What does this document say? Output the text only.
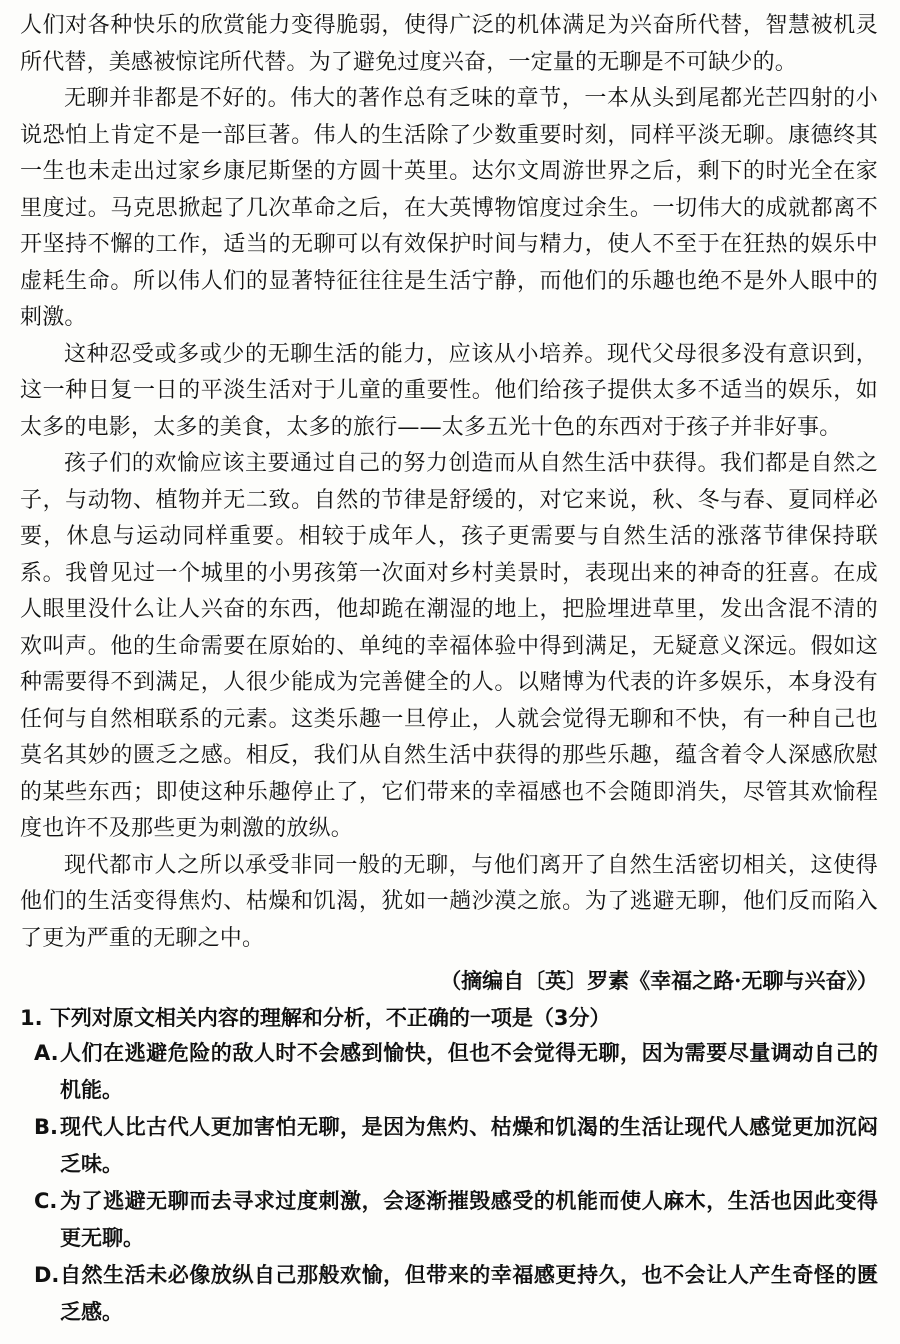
人们对各种快乐的欣赏能力变得脆弱，使得广泛的机体满足为兴奋所代替，智慧被机灵所代替，美感被惊诧所代替。为了避免过度兴奋，一定量的无聊是不可缺少的。

无聊并非都是不好的。伟大的著作总有乏味的章节，一本从头到尾都光芒四射的小说恐怕上肯定不是一部巨著。伟人的生活除了少数重要时刻，同样平淡无聊。康德终其一生也未走出过家乡康尼斯堡的方圆十英里。达尔文周游世界之后，剩下的时光全在家里度过。马克思掀起了几次革命之后，在大英博物馆度过余生。一切伟大的成就都离不开坚持不懈的工作，适当的无聊可以有效保护时间与精力，使人不至于在狂热的娱乐中虚耗生命。所以伟人们的显著特征往往是生活宁静，而他们的乐趣也绝不是外人眼中的刺激。

这种忍受或多或少的无聊生活的能力，应该从小培养。现代父母很多没有意识到，这一种日复一日的平淡生活对于儿童的重要性。他们给孩子提供太多不适当的娱乐，如太多的电影，太多的美食，太多的旅行——太多五光十色的东西对于孩子并非好事。

孩子们的欢愉应该主要通过自己的努力创造而从自然生活中获得。我们都是自然之子，与动物、植物并无二致。自然的节律是舒缓的，对它来说，秋、冬与春、夏同样必要，休息与运动同样重要。相较于成年人，孩子更需要与自然生活的涨落节律保持联系。我曾见过一个城里的小男孩第一次面对乡村美景时，表现出来的神奇的狂喜。在成人眼里没什么让人兴奋的东西，他却跪在潮湿的地上，把脸埋进草里，发出含混不清的欢叫声。他的生命需要在原始的、单纯的幸福体验中得到满足，无疑意义深远。假如这种需要得不到满足，人很少能成为完善健全的人。以赌博为代表的许多娱乐，本身没有任何与自然相联系的元素。这类乐趣一旦停止，人就会觉得无聊和不快，有一种自己也莫名其妙的匮乏之感。相反，我们从自然生活中获得的那些乐趣，蕴含着令人深感欣慰的某些东西；即使这种乐趣停止了，它们带来的幸福感也不会随即消失，尽管其欢愉程度也许不及那些更为刺激的放纵。

现代都市人之所以承受非同一般的无聊，与他们离开了自然生活密切相关，这使得他们的生活变得焦灼、枯燥和饥渴，犹如一趟沙漠之旅。为了逃避无聊，他们反而陷入了更为严重的无聊之中。

（摘编自〔英〕罗素《幸福之路·无聊与兴奋》）

1. 下列对原文相关内容的理解和分析，不正确的一项是（3分）

A. 人们在逃避危险的敌人时不会感到愉快，但也不会觉得无聊，因为需要尽量调动自己的机能。
B. 现代人比古代人更加害怕无聊，是因为焦灼、枯燥和饥渴的生活让现代人感觉更加沉闷乏味。
C. 为了逃避无聊而去寻求过度刺激，会逐渐摧毁感受的机能而使人麻木，生活也因此变得更无聊。
D. 自然生活未必像放纵自己那般欢愉，但带来的幸福感更持久，也不会让人产生奇怪的匮乏感。
